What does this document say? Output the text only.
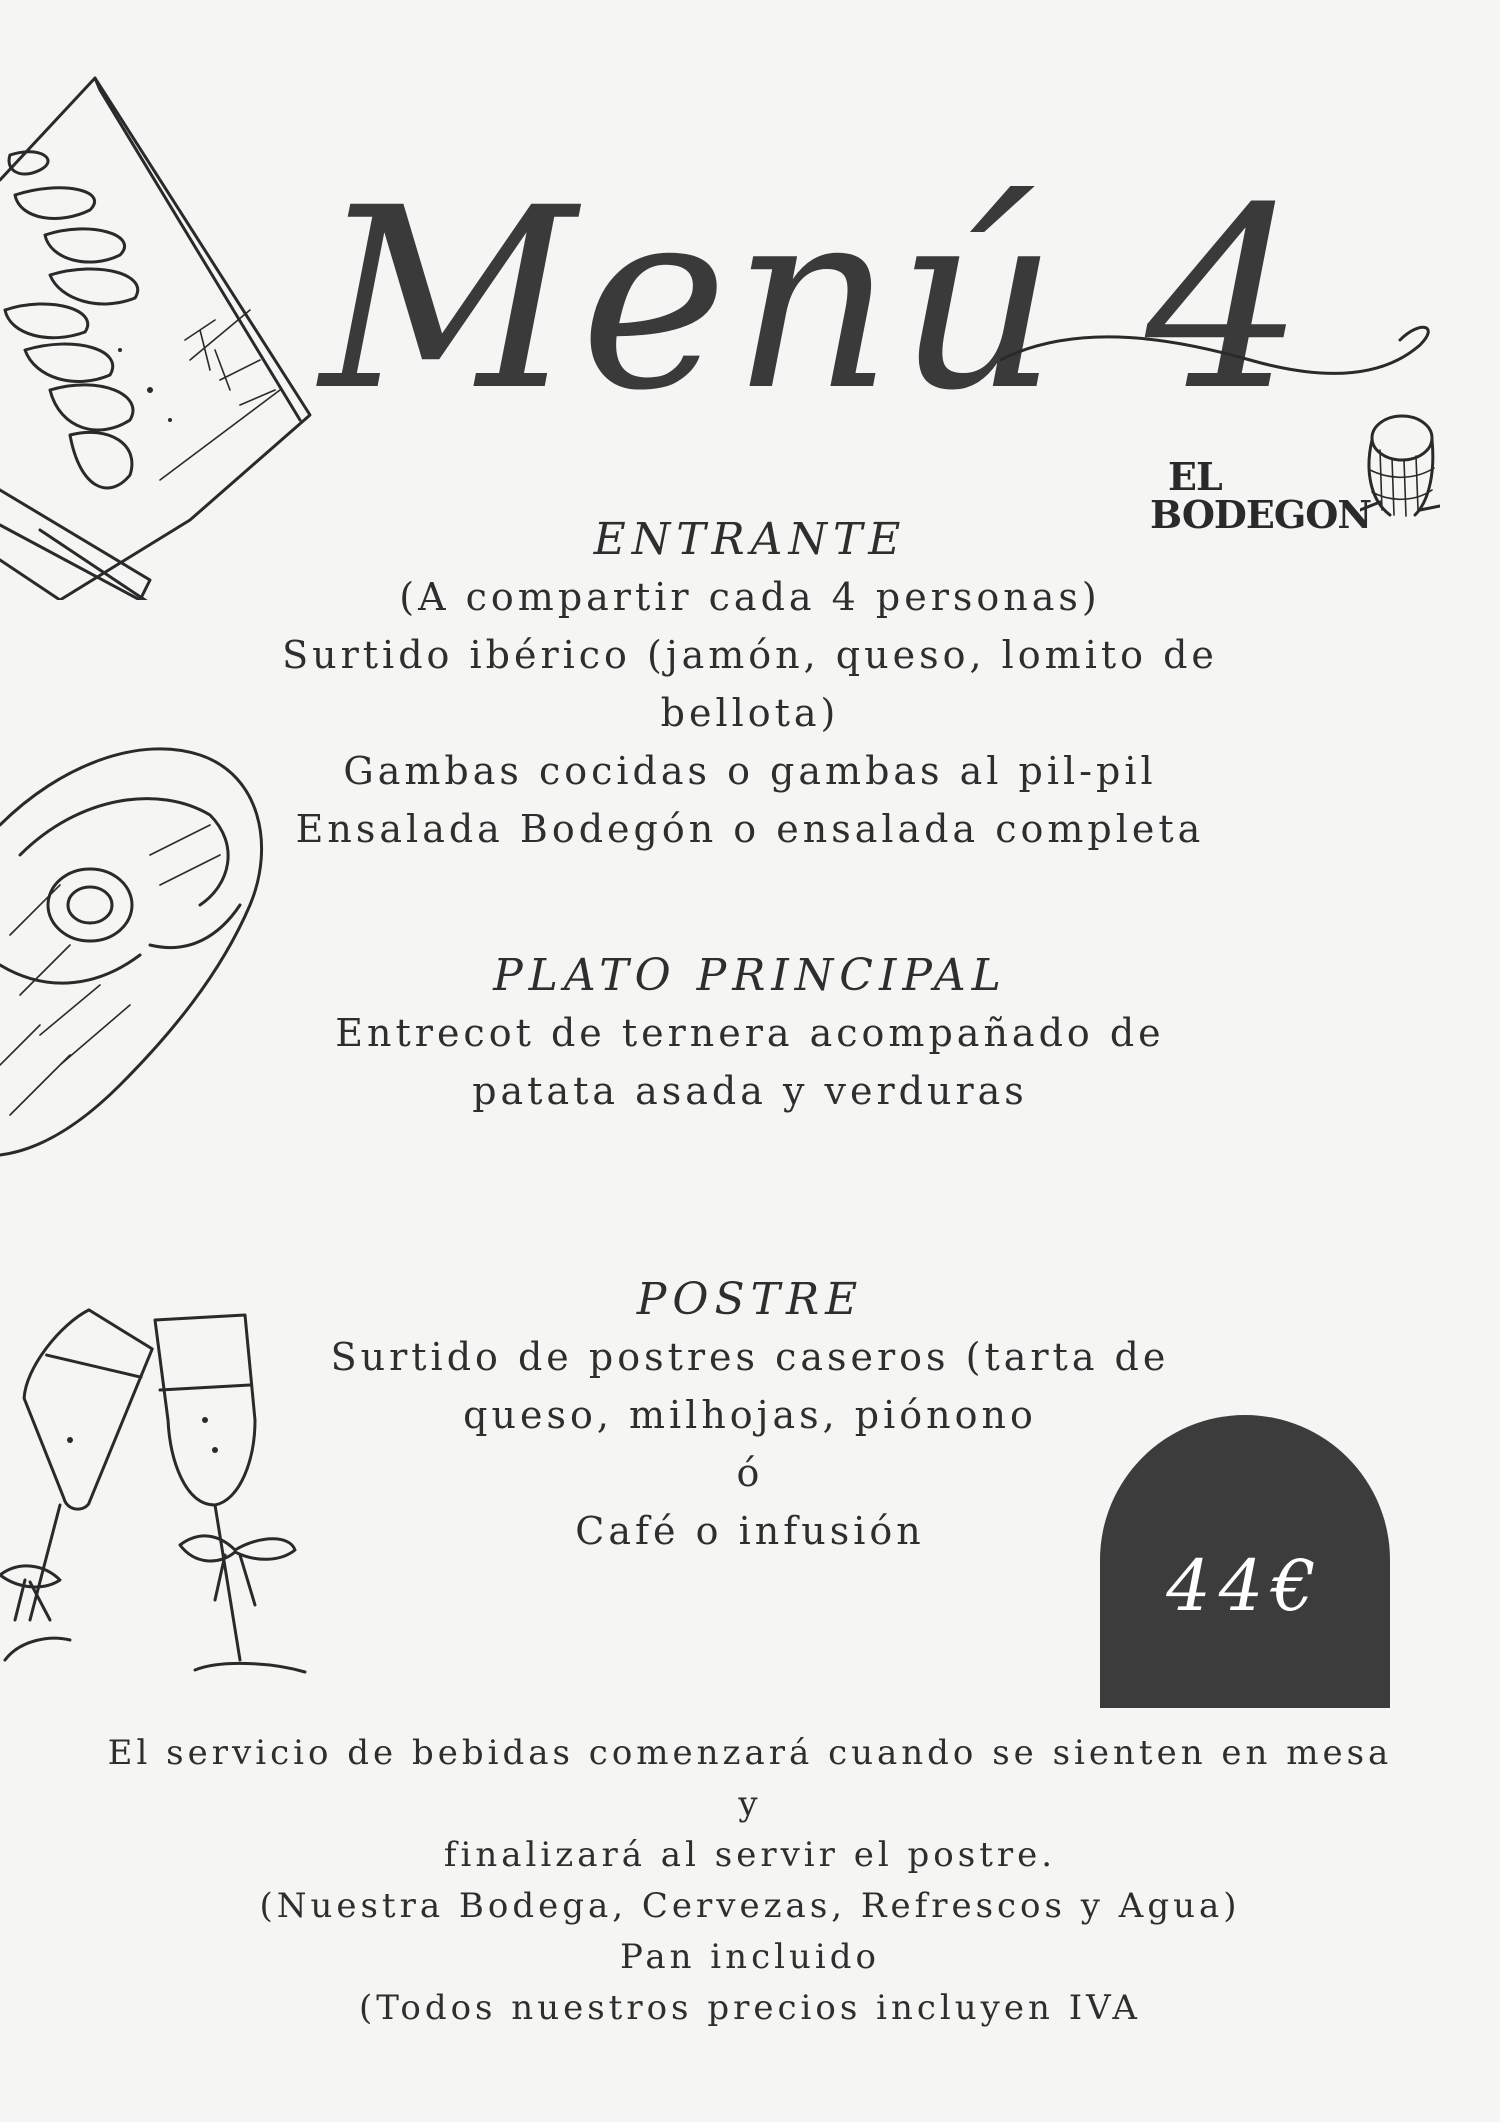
Menú 4
EL
BODEGON
ENTRANTE
(A compartir cada 4 personas)
Surtido ibérico (jamón, queso, lomito de bellota)
Gambas cocidas o gambas al pil-pil
Ensalada Bodegón o ensalada completa
PLATO PRINCIPAL
Entrecot de ternera acompañado de
patata asada y verduras
POSTRE
Surtido de postres caseros (tarta de
queso, milhojas, piónono
ó
Café o infusión
44€
El servicio de bebidas comenzará cuando se sienten en mesa y
finalizará al servir el postre.
(Nuestra Bodega, Cervezas, Refrescos y Agua)
Pan incluido
(Todos nuestros precios incluyen IVA
